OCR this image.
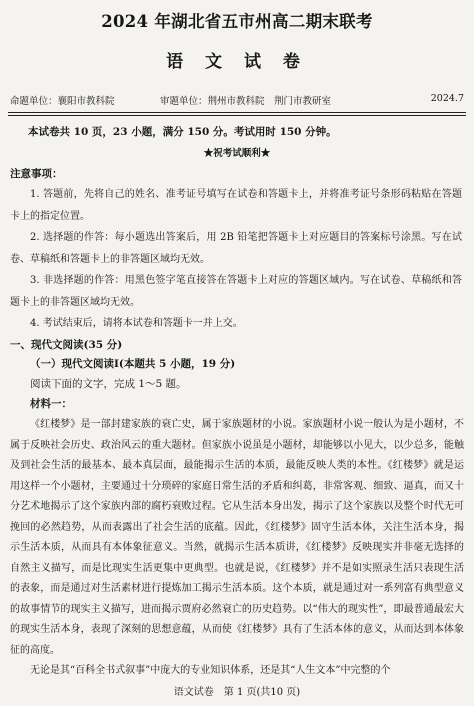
2024 年湖北省五市州高二期末联考
语 文 试 卷
命题单位：襄阳市教科院	审题单位：荆州市教科院　荆门市教研室	2024.7
本试卷共 10 页，23 小题，满分 150 分。考试用时 150 分钟。
★祝考试顺利★
注意事项：

1. 答题前，先将自己的姓名、准考证号填写在试卷和答题卡上，并将准考证号条形码粘贴在答题卡上的指定位置。

2. 选择题的作答：每小题选出答案后，用 2B 铅笔把答题卡上对应题目的答案标号涂黑。写在试卷、草稿纸和答题卡上的非答题区域均无效。

3. 非选择题的作答：用黑色签字笔直接答在答题卡上对应的答题区域内。写在试卷、草稿纸和答题卡上的非答题区域均无效。

4. 考试结束后，请将本试卷和答题卡一并上交。

一、现代文阅读(35 分)
（一）现代文阅读Ⅰ(本题共 5 小题，19 分)
阅读下面的文字，完成 1～5 题。
材料一：

《红楼梦》是一部封建家族的衰亡史，属于家族题材的小说。家族题材小说一般认为是小题材，不属于反映社会历史、政治风云的重大题材。但家族小说虽是小题材，却能够以小见大，以少总多，能触及到社会生活的最基本、最本真层面，最能揭示生活的本质，最能反映人类的本性。《红楼梦》就是运用这样一个小题材，主要通过十分琐碎的家庭日常生活的矛盾和纠葛，非常客观、细致、逼真，而又十分艺术地揭示了这个家族内部的腐朽衰败过程。它从生活本身出发，揭示了这个家族以及整个时代无可挽回的必然趋势，从而表露出了社会生活的底蕴。因此，《红楼梦》固守生活本体，关注生活本身，揭示生活本质，从而具有本体象征意义。当然，就揭示生活本质讲，《红楼梦》反映现实并非毫无选择的自然主义描写，而是比现实生活更集中更典型。也就是说，《红楼梦》并不是如实照录生活只表现生活的表象，而是通过对生活素材进行提炼加工揭示生活本质。这个本质，就是通过对一系列富有典型意义的故事情节的现实主义描写，进而揭示贾府必然衰亡的历史趋势。以“伟大的现实性”，即最普通最宏大的现实生活本身，表现了深刻的思想意蕴，从而使《红楼梦》具有了生活本体的意义，从而达到本体象征的高度。

无论是其“百科全书式叙事”中庞大的专业知识体系，还是其“人生文本”中完整的个

语文试卷　第 1 页(共10 页)
